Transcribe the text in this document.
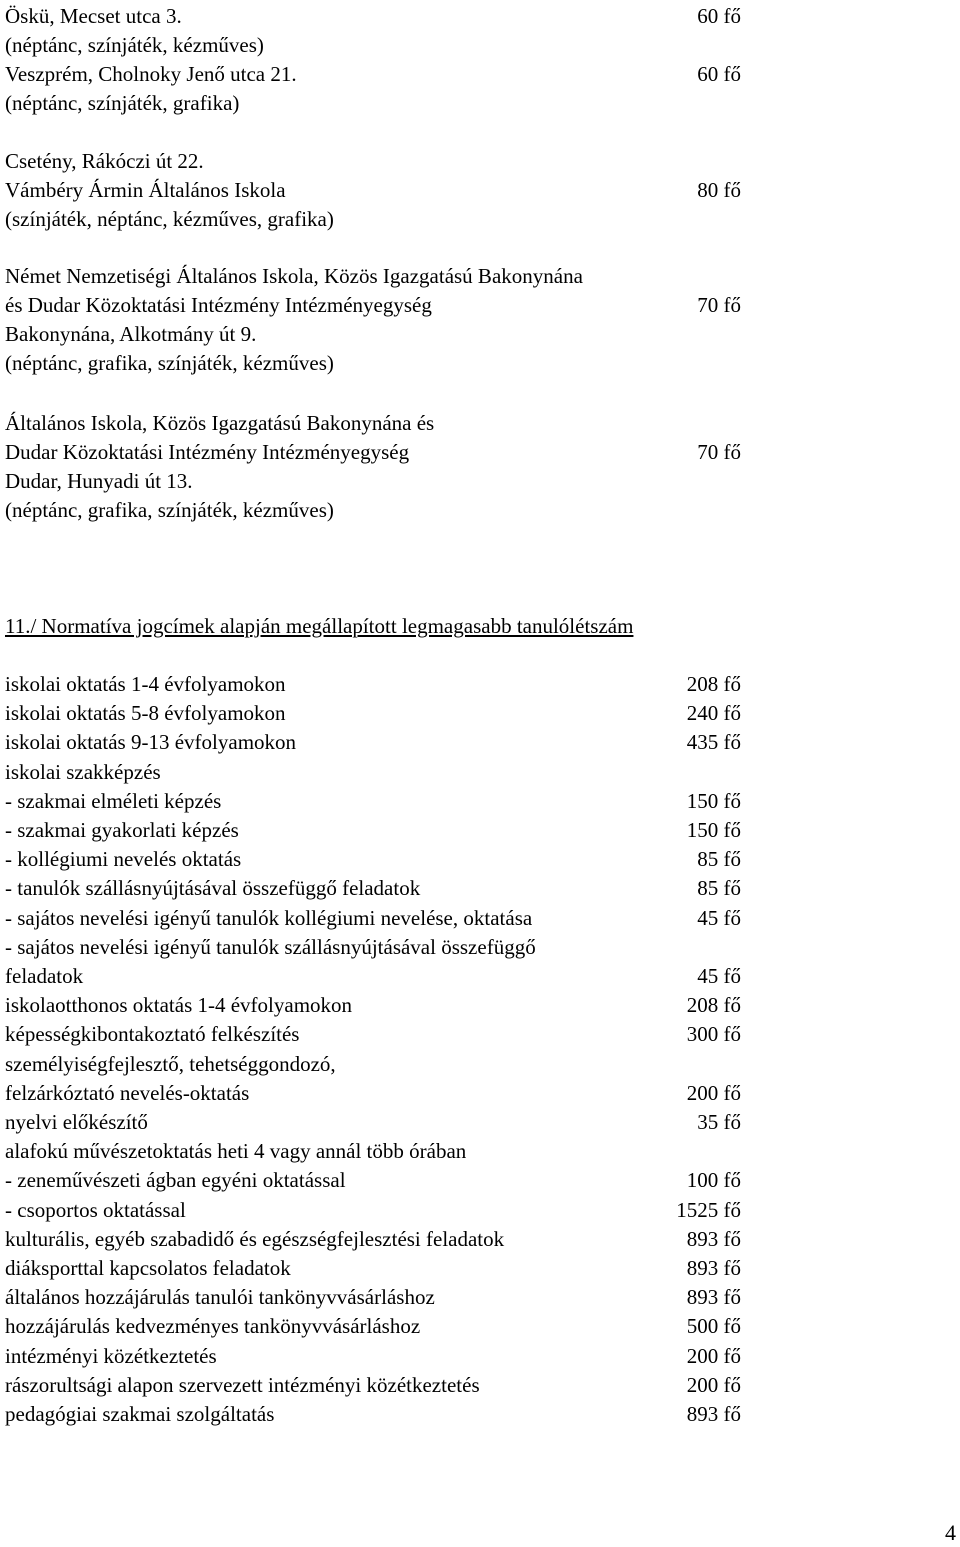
Öskü, Mecset utca 3.	60 fő
(néptánc, színjáték, kézműves)
Veszprém, Cholnoky Jenő utca 21.	60 fő
(néptánc, színjáték, grafika)
Csetény, Rákóczi út 22.
Vámbéry Ármin Általános Iskola	80 fő
(színjáték, néptánc, kézműves, grafika)
Német Nemzetiségi Általános Iskola, Közös Igazgatású Bakonynána
és Dudar Közoktatási Intézmény Intézményegység	70 fő
Bakonynána, Alkotmány út 9.
(néptánc, grafika, színjáték, kézműves)
Általános Iskola, Közös Igazgatású Bakonynána és
Dudar Közoktatási Intézmény Intézményegység	70 fő
Dudar, Hunyadi út 13.
(néptánc, grafika, színjáték, kézműves)
11./ Normatíva jogcímek alapján megállapított legmagasabb tanulólétszám
iskolai oktatás 1-4 évfolyamokon	208 fő
iskolai oktatás 5-8 évfolyamokon	240 fő
iskolai oktatás 9-13 évfolyamokon	435 fő
iskolai szakképzés
- szakmai elméleti képzés	150 fő
- szakmai gyakorlati képzés	150 fő
- kollégiumi nevelés oktatás	85 fő
- tanulók szállásnyújtásával összefüggő feladatok	85 fő
- sajátos nevelési igényű tanulók kollégiumi nevelése, oktatása	45 fő
- sajátos nevelési igényű tanulók szállásnyújtásával összefüggő
feladatok	45 fő
iskolaotthonos oktatás 1-4 évfolyamokon	208 fő
képességkibontakoztató felkészítés	300 fő
személyiségfejlesztő, tehetséggondozó,
felzárkóztató nevelés-oktatás	200 fő
nyelvi előkészítő	35 fő
alafokú művészetoktatás heti 4 vagy annál több órában
- zeneművészeti ágban egyéni oktatással	100 fő
- csoportos oktatással	1525 fő
kulturális, egyéb szabadidő és egészségfejlesztési feladatok	893 fő
diáksporttal kapcsolatos feladatok	893 fő
általános hozzájárulás tanulói tankönyvvásárláshoz	893 fő
hozzájárulás kedvezményes tankönyvvásárláshoz	500 fő
intézményi közétkeztetés	200 fő
rászorultsági alapon szervezett intézményi közétkeztetés	200 fő
pedagógiai szakmai szolgáltatás	893 fő
4
